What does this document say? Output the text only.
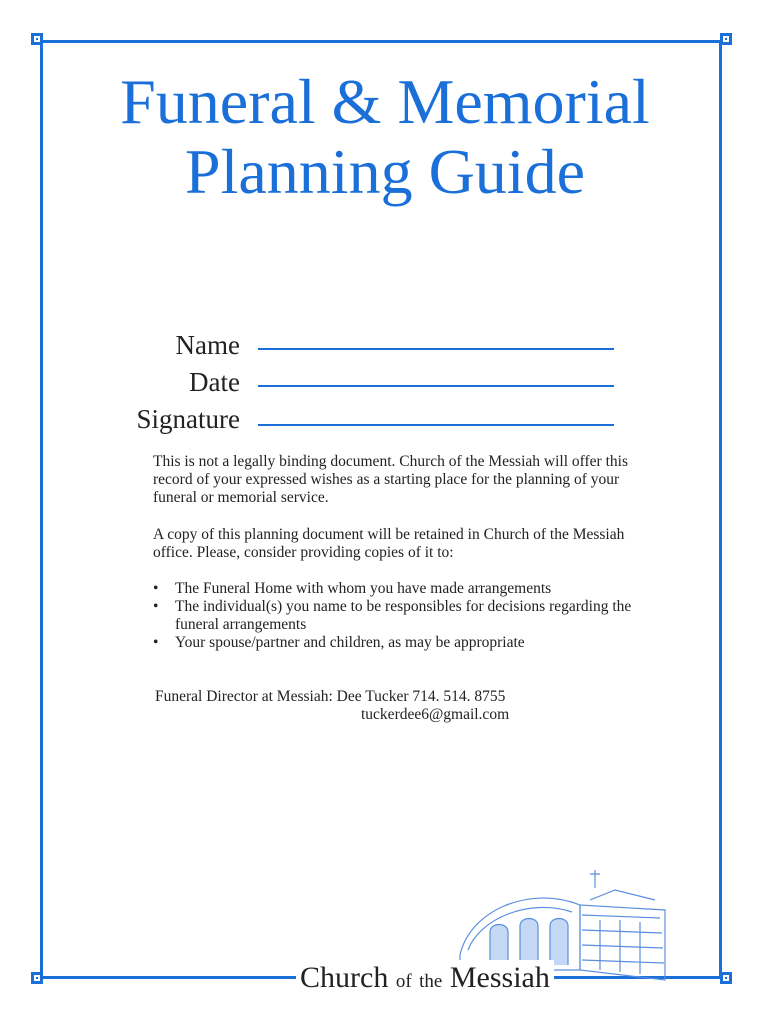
Funeral & Memorial
Planning Guide
Name
Date
Signature

This is not a legally binding document. Church of the Messiah will offer this record of your expressed wishes as a starting place for the planning of your funeral or memorial service.

A copy of this planning document will be retained in Church of the Messiah office. Please, consider providing copies of it to:

• The Funeral Home with whom you have made arrangements
• The individual(s) you name to be responsibles for decisions regarding the funeral arrangements
• Your spouse/partner and children, as may be appropriate
Funeral Director at Messiah: Dee Tucker 714. 514. 8755
tuckerdee6@gmail.com
Church of the Messiah
